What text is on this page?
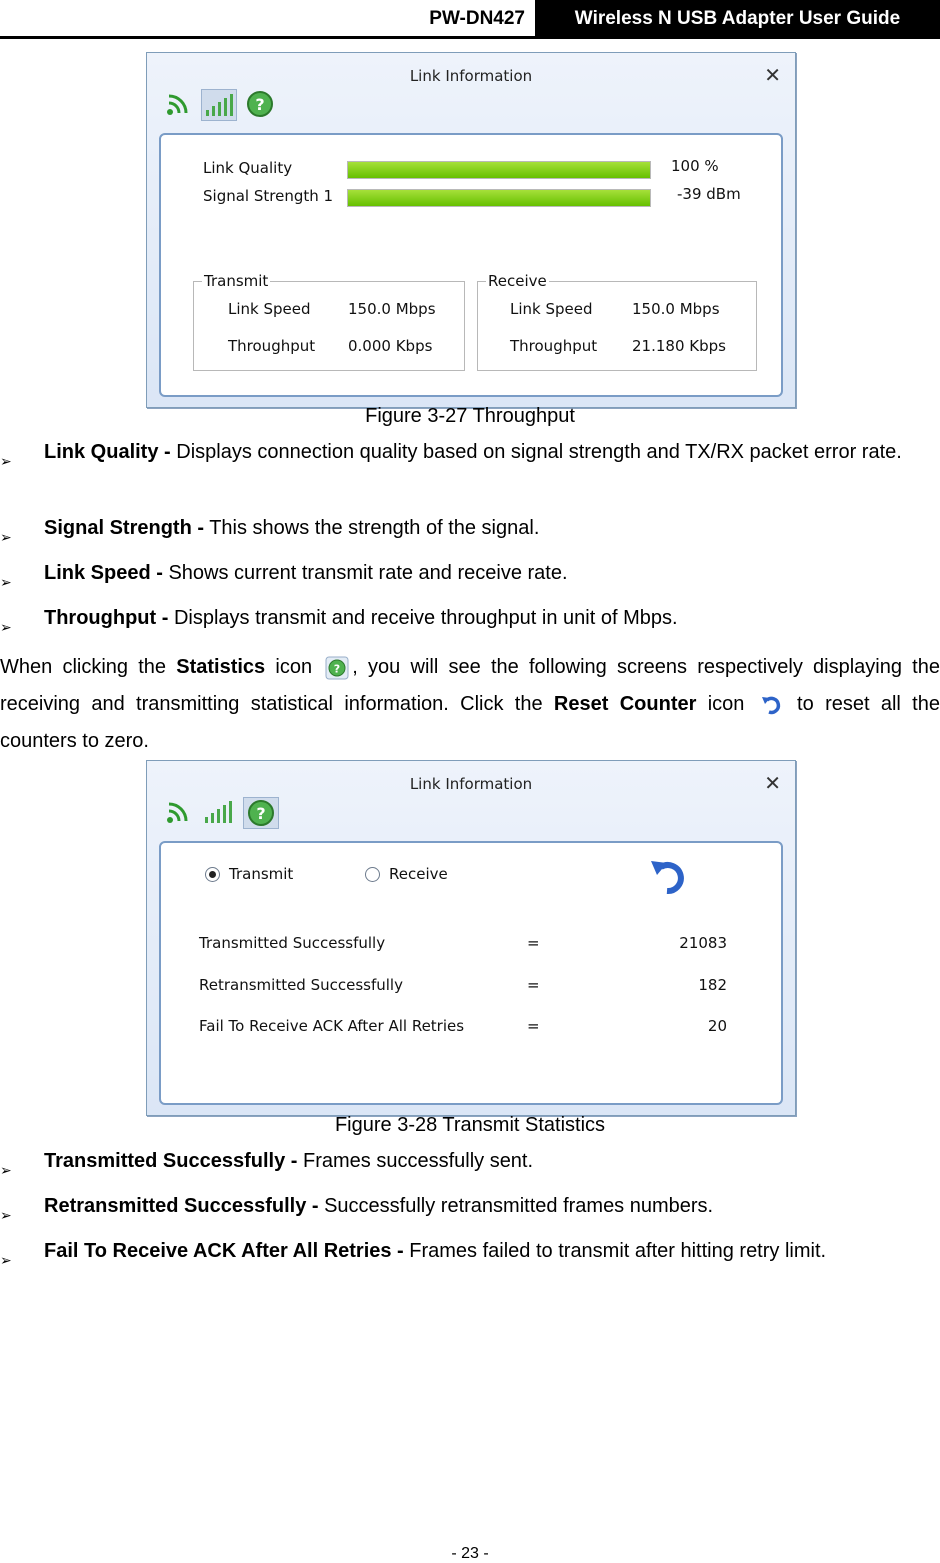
PW-DN427	Wireless N USB Adapter User Guide
Link Information	✕
?
Link Quality	100 %
Signal Strength 1	-39 dBm
Transmit
Link Speed 150.0 Mbps
Throughput 0.000 Kbps
Receive
Link Speed	150.0 Mbps
Throughput 21.180 Kbps
Figure 3-27 Throughput
➢ Link Quality - Displays connection quality based on signal strength and TX/RX packet error rate.
➢ Signal Strength - This shows the strength of the signal.
➢ Link Speed - Shows current transmit rate and receive rate.
➢ Throughput - Displays transmit and receive throughput in unit of Mbps.
When clicking the Statistics icon ? , you will see the following screens respectively displaying the receiving and transmitting statistical information. Click the Reset Counter icon  to reset all the counters to zero.
Link Information	✕
?
Transmit	Receive
Transmitted Successfully	=	21083
Retransmitted Successfully	=	182
Fail To Receive ACK After All Retries	=	20
Figure 3-28 Transmit Statistics
➢ Transmitted Successfully - Frames successfully sent.
➢ Retransmitted Successfully - Successfully retransmitted frames numbers.
➢ Fail To Receive ACK After All Retries - Frames failed to transmit after hitting retry limit.
- 23 -
